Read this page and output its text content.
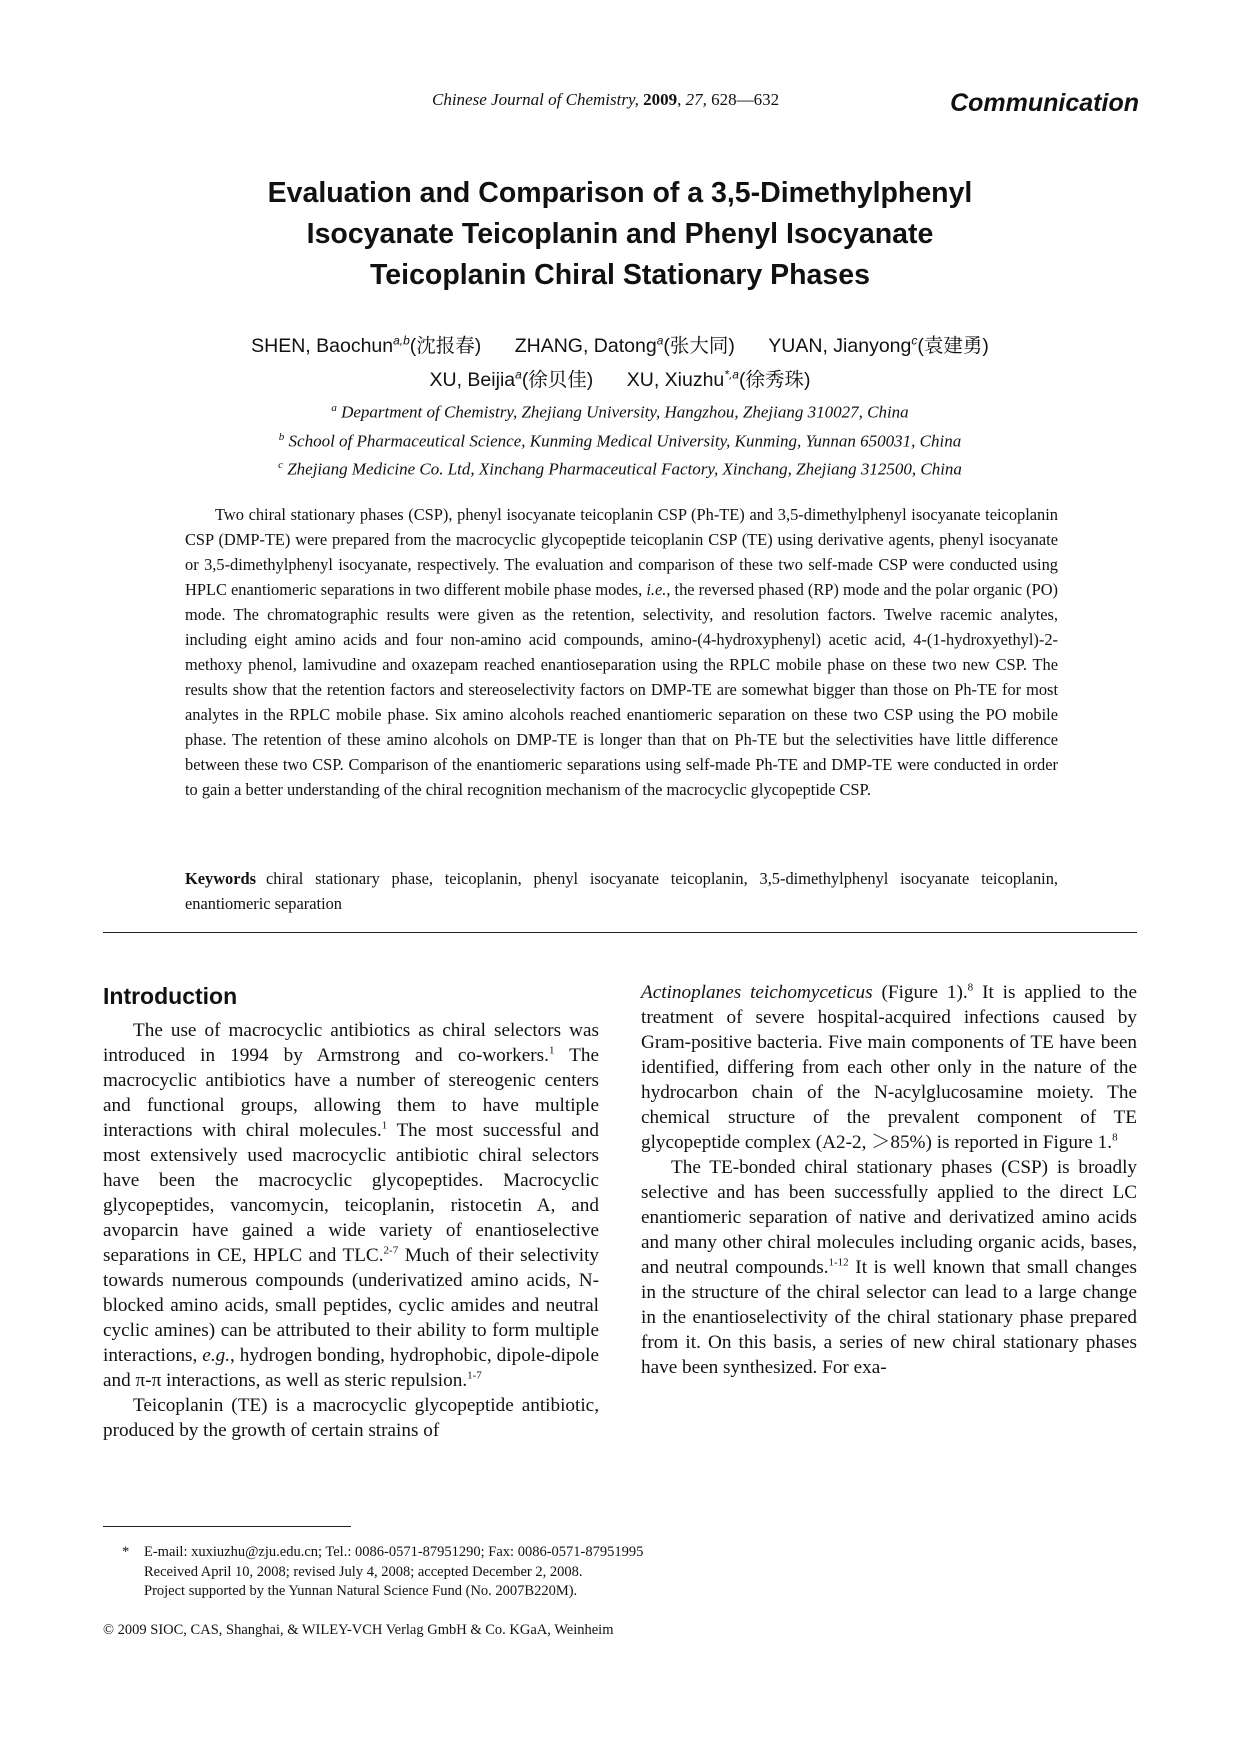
Chinese Journal of Chemistry, 2009, 27, 628—632	Communication
Evaluation and Comparison of a 3,5-Dimethylphenyl
Isocyanate Teicoplanin and Phenyl Isocyanate
Teicoplanin Chiral Stationary Phases
SHEN, Baochun$^{a,b}$(沈报春) ZHANG, Datong$^a$(张大同) YUAN, Jianyong$^c$(袁建勇)
XU, Beijia$^a$(徐贝佳) XU, Xiuzhu$^{*,a}$(徐秀珠)
$^a$ Department of Chemistry, Zhejiang University, Hangzhou, Zhejiang 310027, China
$^b$ School of Pharmaceutical Science, Kunming Medical University, Kunming, Yunnan 650031, China
$^c$ Zhejiang Medicine Co. Ltd, Xinchang Pharmaceutical Factory, Xinchang, Zhejiang 312500, China

Two chiral stationary phases (CSP), phenyl isocyanate teicoplanin CSP (Ph-TE) and 3,5-dimethylphenyl isocyanate teicoplanin CSP (DMP-TE) were prepared from the macrocyclic glycopeptide teicoplanin CSP (TE) using derivative agents, phenyl isocyanate or 3,5-dimethylphenyl isocyanate, respectively. The evaluation and comparison of these two self-made CSP were conducted using HPLC enantiomeric separations in two different mobile phase modes, i.e., the reversed phased (RP) mode and the polar organic (PO) mode. The chromatographic results were given as the retention, selectivity, and resolution factors. Twelve racemic analytes, including eight amino acids and four non-amino acid compounds, amino-(4-hydroxyphenyl) acetic acid, 4-(1-hydroxyethyl)-2-methoxy phenol, lamivudine and oxazepam reached enantioseparation using the RPLC mobile phase on these two new CSP. The results show that the retention factors and stereoselectivity factors on DMP-TE are somewhat bigger than those on Ph-TE for most analytes in the RPLC mobile phase. Six amino alcohols reached enantiomeric separation on these two CSP using the PO mobile phase. The retention of these amino alcohols on DMP-TE is longer than that on Ph-TE but the selectivities have little difference between these two CSP. Comparison of the enantiomeric separations using self-made Ph-TE and DMP-TE were conducted in order to gain a better understanding of the chiral recognition mechanism of the macrocyclic glycopeptide CSP.

Keywords chiral stationary phase, teicoplanin, phenyl isocyanate teicoplanin, 3,5-dimethylphenyl isocyanate teicoplanin, enantiomeric separation

Introduction

The use of macrocyclic antibiotics as chiral selectors was introduced in 1994 by Armstrong and co-workers.$^1$ The macrocyclic antibiotics have a number of stereogenic centers and functional groups, allowing them to have multiple interactions with chiral molecules.$^1$ The most successful and most extensively used macrocyclic antibiotic chiral selectors have been the macrocyclic glycopeptides. Macrocyclic glycopeptides, vancomycin, teicoplanin, ristocetin A, and avoparcin have gained a wide variety of enantioselective separations in CE, HPLC and TLC.$^{2-7}$ Much of their selectivity towards numerous compounds (underivatized amino acids, N-blocked amino acids, small peptides, cyclic amides and neutral cyclic amines) can be attributed to their ability to form multiple interactions, e.g., hydrogen bonding, hydrophobic, dipole-dipole and π-π interactions, as well as steric repulsion.$^{1-7}$

Teicoplanin (TE) is a macrocyclic glycopeptide antibiotic, produced by the growth of certain strains of

Actinoplanes teichomyceticus (Figure 1).$^8$ It is applied to the treatment of severe hospital-acquired infections caused by Gram-positive bacteria. Five main components of TE have been identified, differing from each other only in the nature of the hydrocarbon chain of the N-acylglucosamine moiety. The chemical structure of the prevalent component of TE glycopeptide complex (A2-2, ＞85%) is reported in Figure 1.$^8$

The TE-bonded chiral stationary phases (CSP) is broadly selective and has been successfully applied to the direct LC enantiomeric separation of native and derivatized amino acids and many other chiral molecules including organic acids, bases, and neutral compounds.$^{1-12}$ It is well known that small changes in the structure of the chiral selector can lead to a large change in the enantioselectivity of the chiral stationary phase prepared from it. On this basis, a series of new chiral stationary phases have been synthesized. For exa-

*	E-mail: xuxiuzhu@zju.edu.cn; Tel.: 0086-0571-87951290; Fax: 0086-0571-87951995
Received April 10, 2008; revised July 4, 2008; accepted December 2, 2008.
Project supported by the Yunnan Natural Science Fund (No. 2007B220M).
© 2009 SIOC, CAS, Shanghai, & WILEY-VCH Verlag GmbH & Co. KGaA, Weinheim
